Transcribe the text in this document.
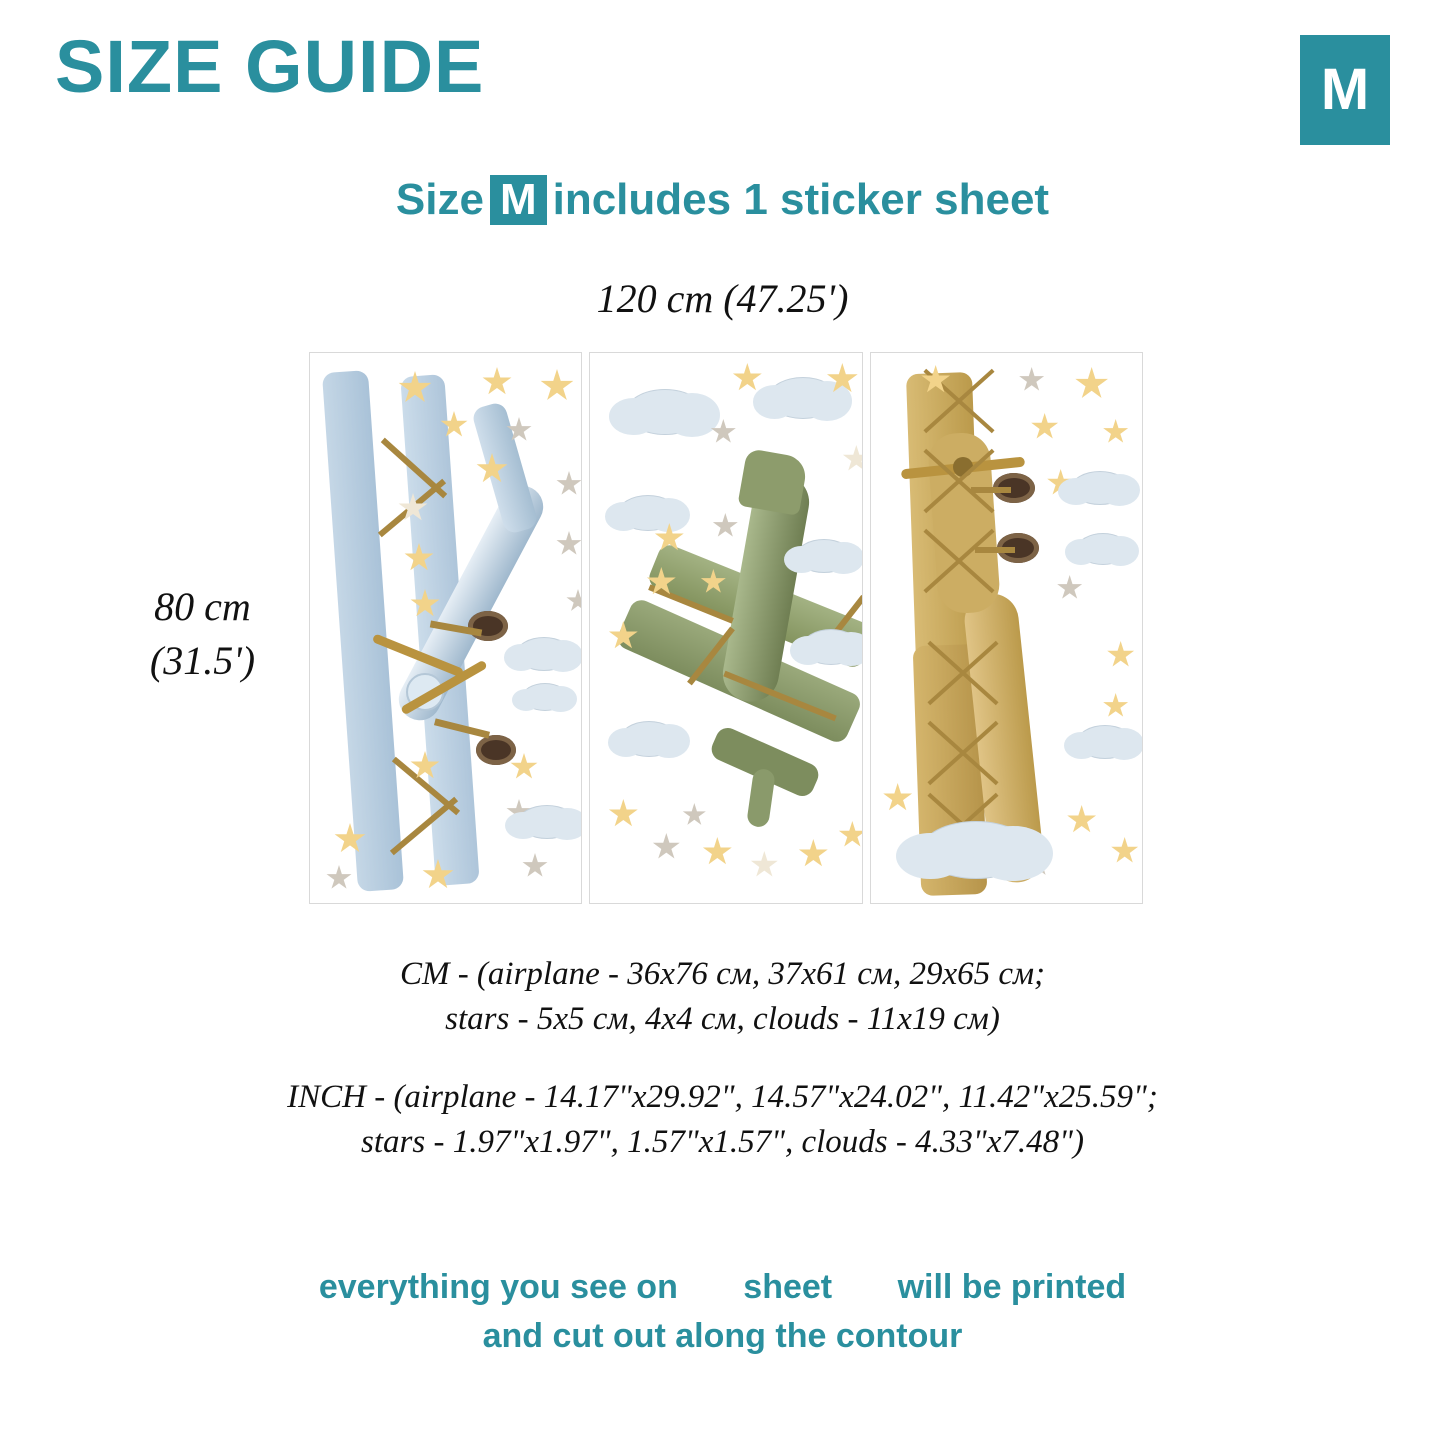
SIZE GUIDE	M
Size M includes 1 sticker sheet
120 cm (47.25')
80 cm
(31.5')
CM - (airplane - 36x76 см, 37x61 см, 29x65 см;
stars - 5x5 см, 4x4 см, clouds - 11x19 см)
INCH - (airplane - 14.17"x29.92", 14.57"x24.02", 11.42"x25.59";
stars - 1.97"x1.97", 1.57"x1.57", clouds - 4.33"x7.48")
everything you see on sheet will be printed
and cut out along the contour
